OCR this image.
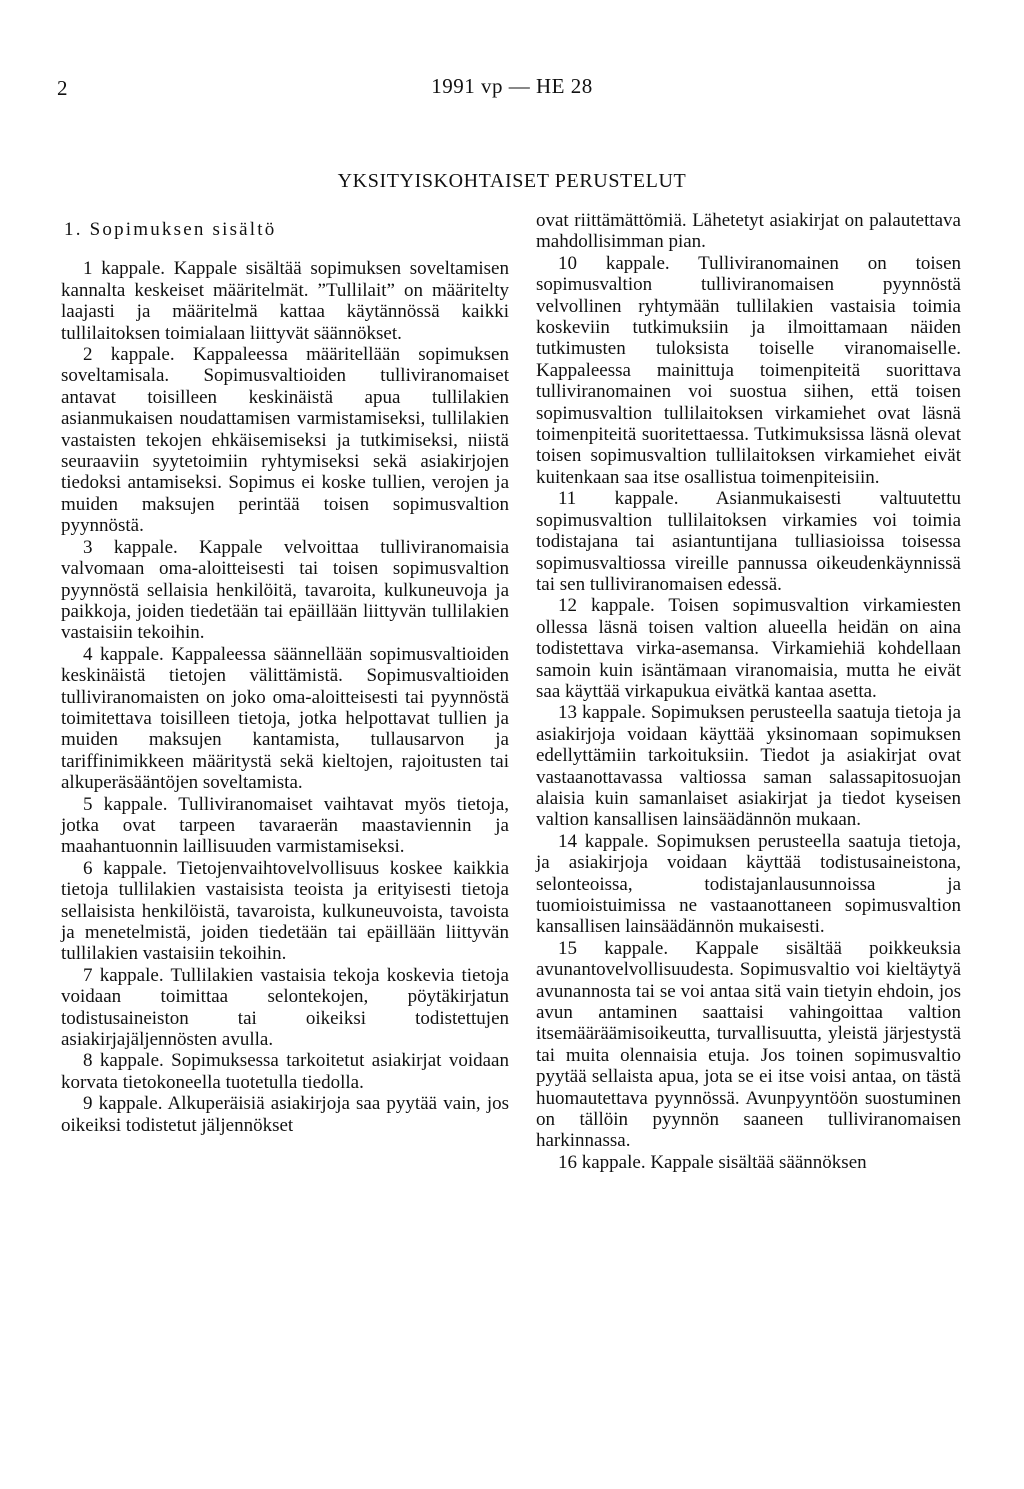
2	1991 vp — HE 28
YKSITYISKOHTAISET PERUSTELUT
1. Sopimuksen sisältö

1 kappale. Kappale sisältää sopimuksen soveltamisen kannalta keskeiset määritelmät. ”Tullilait” on määritelty laajasti ja määritelmä kattaa käytännössä kaikki tullilaitoksen toimialaan liittyvät säännökset.

2 kappale. Kappaleessa määritellään sopimuksen soveltamisala. Sopimusvaltioiden tulliviranomaiset antavat toisilleen keskinäistä apua tullilakien asianmukaisen noudattamisen varmistamiseksi, tullilakien vastaisten tekojen ehkäisemiseksi ja tutkimiseksi, niistä seuraaviin syytetoimiin ryhtymiseksi sekä asiakirjojen tiedoksi antamiseksi. Sopimus ei koske tullien, verojen ja muiden maksujen perintää toisen sopimusvaltion pyynnöstä.

3 kappale. Kappale velvoittaa tulliviranomaisia valvomaan oma-aloitteisesti tai toisen sopimusvaltion pyynnöstä sellaisia henkilöitä, tavaroita, kulkuneuvoja ja paikkoja, joiden tiedetään tai epäillään liittyvän tullilakien vastaisiin tekoihin.

4 kappale. Kappaleessa säännellään sopimusvaltioiden keskinäistä tietojen välittämistä. Sopimusvaltioiden tulliviranomaisten on joko oma-aloitteisesti tai pyynnöstä toimitettava toisilleen tietoja, jotka helpottavat tullien ja muiden maksujen kantamista, tullausarvon ja tariffinimikkeen määritystä sekä kieltojen, rajoitusten tai alkuperäsääntöjen soveltamista.

5 kappale. Tulliviranomaiset vaihtavat myös tietoja, jotka ovat tarpeen tavaraerän maastaviennin ja maahantuonnin laillisuuden varmistamiseksi.

6 kappale. Tietojenvaihtovelvollisuus koskee kaikkia tietoja tullilakien vastaisista teoista ja erityisesti tietoja sellaisista henkilöistä, tavaroista, kulkuneuvoista, tavoista ja menetelmistä, joiden tiedetään tai epäillään liittyvän tullilakien vastaisiin tekoihin.

7 kappale. Tullilakien vastaisia tekoja koskevia tietoja voidaan toimittaa selontekojen, pöytäkirjatun todistusaineiston tai oikeiksi todistettujen asiakirjajäljennösten avulla.

8 kappale. Sopimuksessa tarkoitetut asiakirjat voidaan korvata tietokoneella tuotetulla tiedolla.

9 kappale. Alkuperäisiä asiakirjoja saa pyytää vain, jos oikeiksi todistetut jäljennökset

ovat riittämättömiä. Lähetetyt asiakirjat on palautettava mahdollisimman pian.

10 kappale. Tulliviranomainen on toisen sopimusvaltion tulliviranomaisen pyynnöstä velvollinen ryhtymään tullilakien vastaisia toimia koskeviin tutkimuksiin ja ilmoittamaan näiden tutkimusten tuloksista toiselle viranomaiselle. Kappaleessa mainittuja toimenpiteitä suorittava tulliviranomainen voi suostua siihen, että toisen sopimusvaltion tullilaitoksen virkamiehet ovat läsnä toimenpiteitä suoritettaessa. Tutkimuksissa läsnä olevat toisen sopimusvaltion tullilaitoksen virkamiehet eivät kuitenkaan saa itse osallistua toimenpiteisiin.

11 kappale. Asianmukaisesti valtuutettu sopimusvaltion tullilaitoksen virkamies voi toimia todistajana tai asiantuntijana tulliasioissa toisessa sopimusvaltiossa vireille pannussa oikeudenkäynnissä tai sen tulliviranomaisen edessä.

12 kappale. Toisen sopimusvaltion virkamiesten ollessa läsnä toisen valtion alueella heidän on aina todistettava virka-asemansa. Virkamiehiä kohdellaan samoin kuin isäntämaan viranomaisia, mutta he eivät saa käyttää virkapukua eivätkä kantaa asetta.

13 kappale. Sopimuksen perusteella saatuja tietoja ja asiakirjoja voidaan käyttää yksinomaan sopimuksen edellyttämiin tarkoituksiin. Tiedot ja asiakirjat ovat vastaanottavassa valtiossa saman salassapitosuojan alaisia kuin samanlaiset asiakirjat ja tiedot kyseisen valtion kansallisen lainsäädännön mukaan.

14 kappale. Sopimuksen perusteella saatuja tietoja, ja asiakirjoja voidaan käyttää todistusaineistona, selonteoissa, todistajanlausunnoissa ja tuomioistuimissa ne vastaanottaneen sopimusvaltion kansallisen lainsäädännön mukaisesti.

15 kappale. Kappale sisältää poikkeuksia avunantovelvollisuudesta. Sopimusvaltio voi kieltäytyä avunannosta tai se voi antaa sitä vain tietyin ehdoin, jos avun antaminen saattaisi vahingoittaa valtion itsemääräämisoikeutta, turvallisuutta, yleistä järjestystä tai muita olennaisia etuja. Jos toinen sopimusvaltio pyytää sellaista apua, jota se ei itse voisi antaa, on tästä huomautettava pyynnössä. Avunpyyntöön suostuminen on tällöin pyynnön saaneen tulliviranomaisen harkinnassa.

16 kappale. Kappale sisältää säännöksen
